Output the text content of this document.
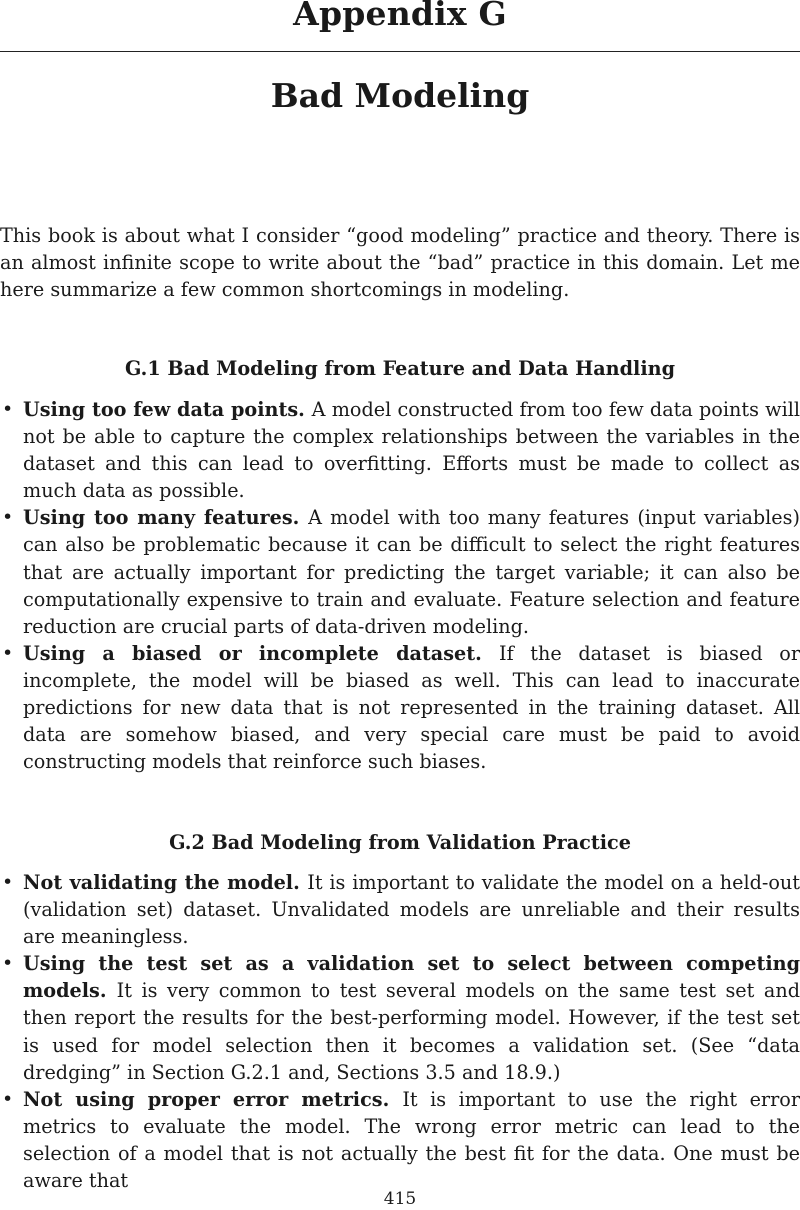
Appendix G
Bad Modeling

This book is about what I consider “good modeling” practice and theory. There is an almost infinite scope to write about the “bad” practice in this domain. Let me here summarize a few common shortcomings in modeling.

G.1 Bad Modeling from Feature and Data Handling
• Using too few data points. A model constructed from too few data points will not be able to capture the complex relationships between the variables in the dataset and this can lead to overfitting. Efforts must be made to collect as much data as possible.
• Using too many features. A model with too many features (input variables) can also be problematic because it can be difficult to select the right features that are actually important for predicting the target variable; it can also be computationally expensive to train and evaluate. Feature selection and feature reduction are crucial parts of data-driven modeling.
• Using a biased or incomplete dataset. If the dataset is biased or incomplete, the model will be biased as well. This can lead to inaccurate predictions for new data that is not represented in the training dataset. All data are somehow biased, and very special care must be paid to avoid constructing models that reinforce such biases.
G.2 Bad Modeling from Validation Practice
• Not validating the model. It is important to validate the model on a held-out (validation set) dataset. Unvalidated models are unreliable and their results are meaningless.
• Using the test set as a validation set to select between competing models. It is very common to test several models on the same test set and then report the results for the best-performing model. However, if the test set is used for model selection then it becomes a validation set. (See “data dredging” in Section G.2.1 and, Sections 3.5 and 18.9.)
• Not using proper error metrics. It is important to use the right error metrics to evaluate the model. The wrong error metric can lead to the selection of a model that is not actually the best fit for the data. One must be aware that
415
